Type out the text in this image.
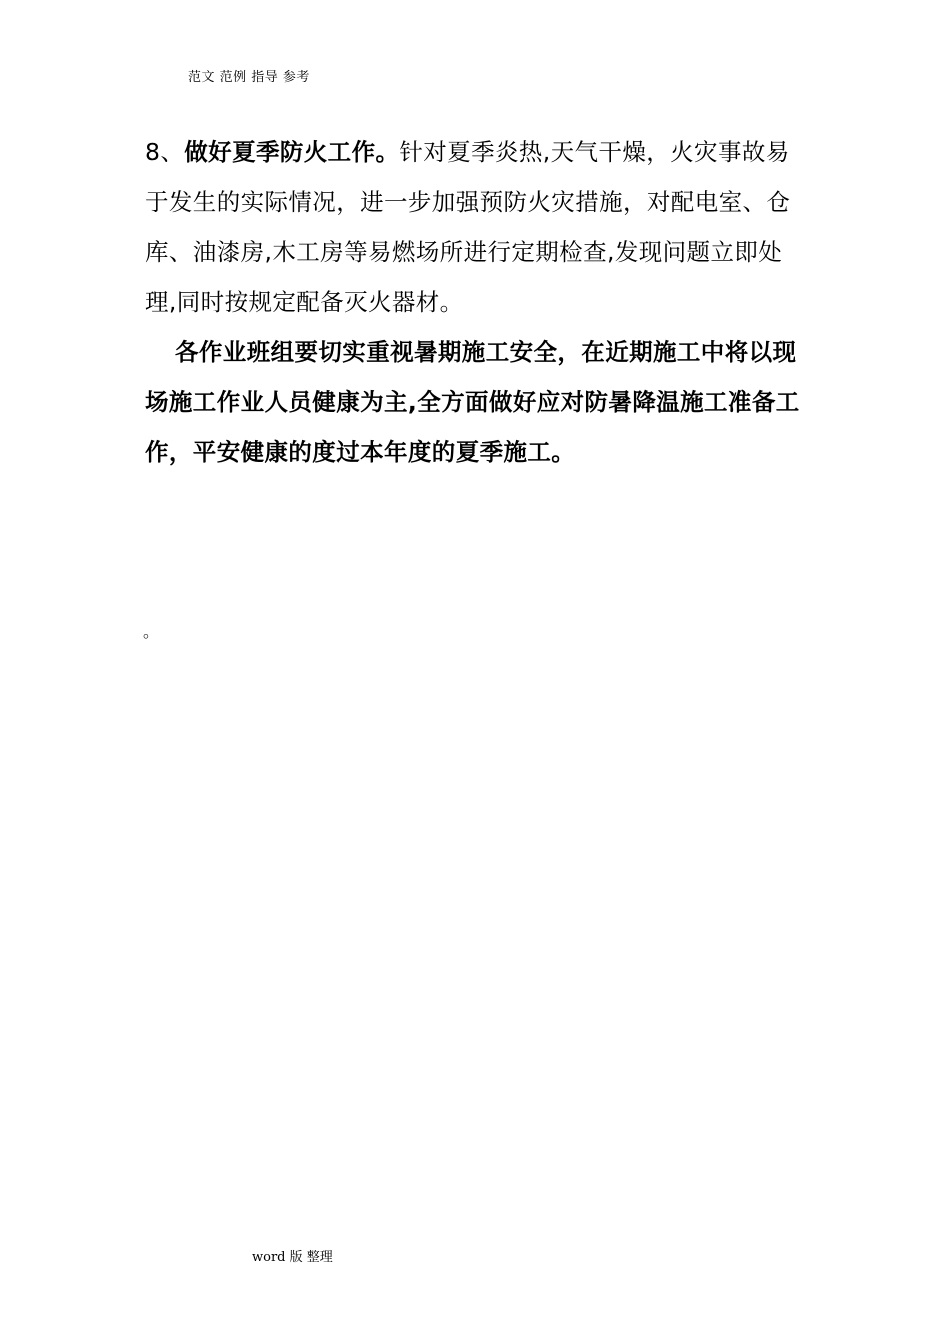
范文 范例 指导 参考

8、做好夏季防火工作。针对夏季炎热,天气干燥，火灾事故易于发生的实际情况，进一步加强预防火灾措施，对配电室、仓库、油漆房,木工房等易燃场所进行定期检查,发现问题立即处理,同时按规定配备灭火器材。

各作业班组要切实重视暑期施工安全，在近期施工中将以现场施工作业人员健康为主,全方面做好应对防暑降温施工准备工作，平安健康的度过本年度的夏季施工。

。
word 版 整理
